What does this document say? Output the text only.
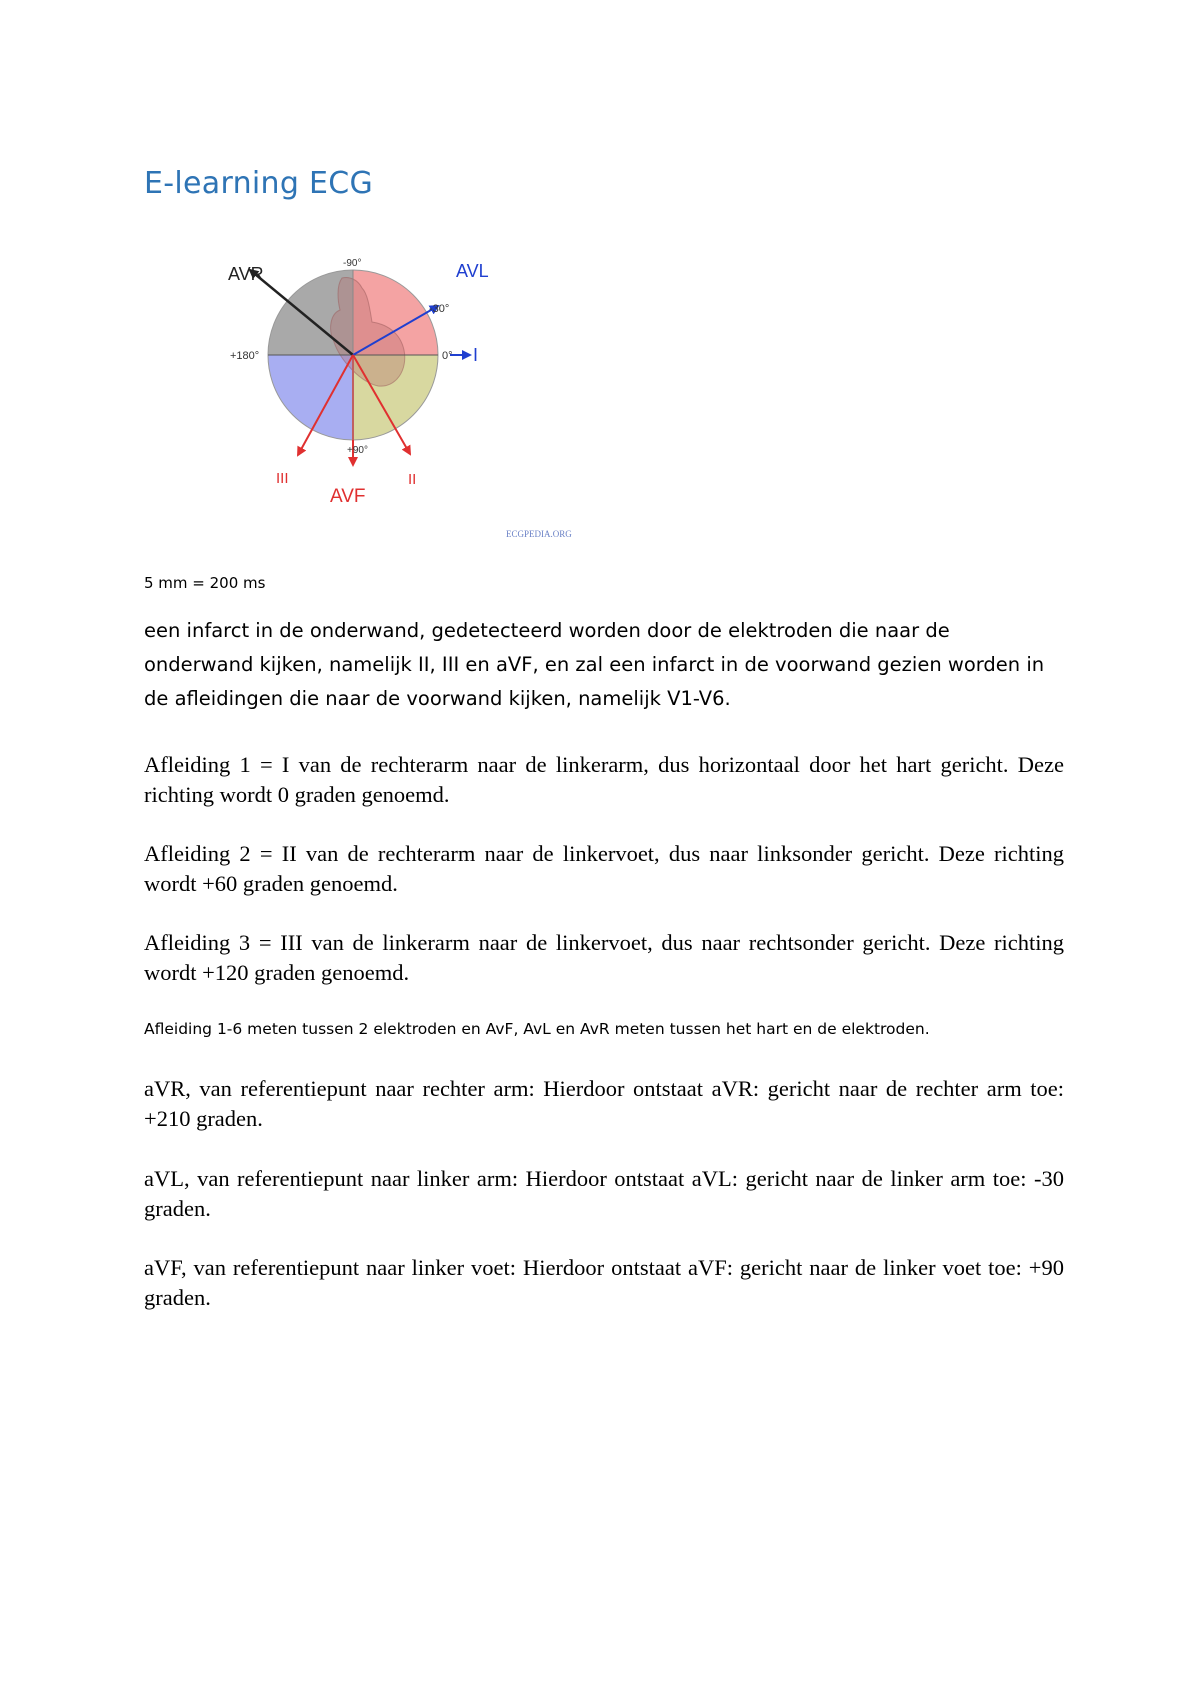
E-learning ECG
AVR	AVL
-90°
-30°
0° I
+180°
+90°
III
AVF
II
ECGPEDIA.ORG
5 mm = 200 ms

een infarct in de onderwand, gedetecteerd worden door de elektroden die naar de onderwand kijken, namelijk II, III en aVF, en zal een infarct in de voorwand gezien worden in de afleidingen die naar de voorwand kijken, namelijk V1-V6.

Afleiding 1 = I van de rechterarm naar de linkerarm, dus horizontaal door het hart gericht. Deze richting wordt 0 graden genoemd.

Afleiding 2 = II van de rechterarm naar de linkervoet, dus naar linksonder gericht. Deze richting wordt +60 graden genoemd.

Afleiding 3 = III van de linkerarm naar de linkervoet, dus naar rechtsonder gericht. Deze richting wordt +120 graden genoemd.

Afleiding 1-6 meten tussen 2 elektroden en AvF, AvL en AvR meten tussen het hart en de elektroden.

aVR, van referentiepunt naar rechter arm: Hierdoor ontstaat aVR: gericht naar de rechter arm toe: +210 graden.

aVL, van referentiepunt naar linker arm: Hierdoor ontstaat aVL: gericht naar de linker arm toe: -30 graden.

aVF, van referentiepunt naar linker voet: Hierdoor ontstaat aVF: gericht naar de linker voet toe: +90 graden.
